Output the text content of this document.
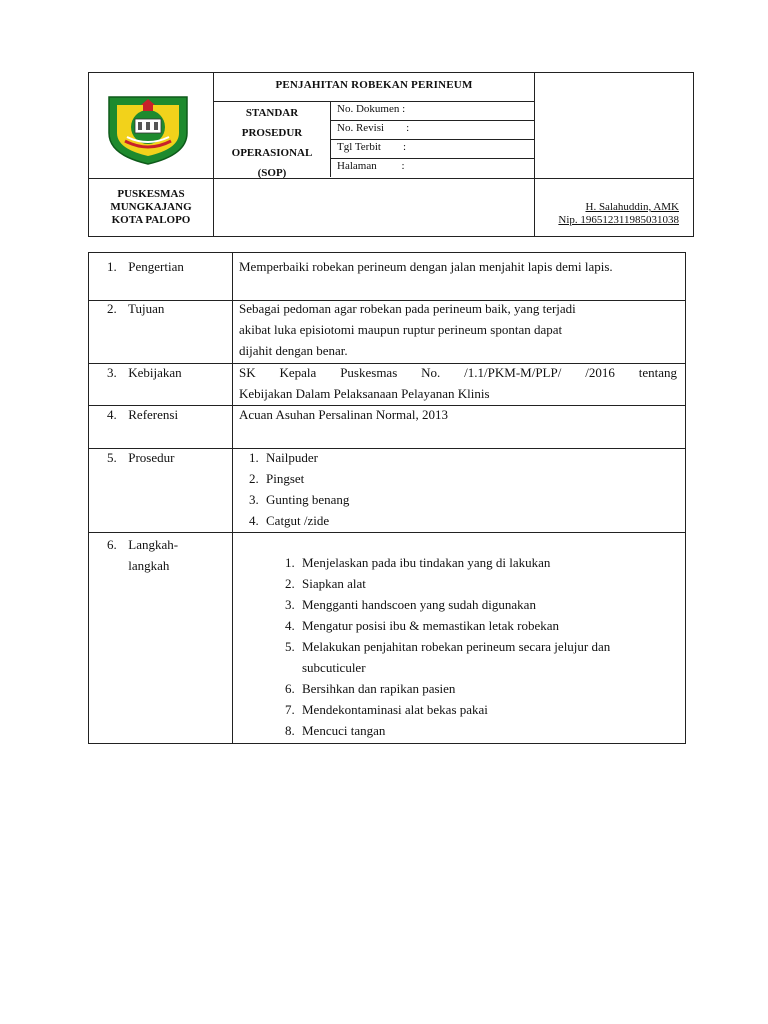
PENJAHITAN ROBEKAN PERINEUM
STANDAR
PROSEDUR
OPERASIONAL
(SOP)
No. Dokumen :
No. Revisi :
Tgl Terbit :
Halaman :
PUSKESMAS
MUNGKAJANG
KOTA PALOPO
H. Salahuddin, AMK
Nip. 196512311985031038
1. Pengertian	Memperbaiki robekan perineum dengan jalan menjahit lapis demi lapis.
2. Tujuan	Sebagai pedoman agar robekan pada perineum baik, yang terjadi
akibat luka episiotomi maupun ruptur perineum spontan dapat
dijahit dengan benar.
3. Kebijakan	SK Kepala Puskesmas No. /1.1/PKM-M/PLP/ /2016 tentang
Kebijakan Dalam Pelaksanaan Pelayanan Klinis
4. Referensi	Acuan Asuhan Persalinan Normal, 2013
5. Prosedur	1. Nailpuder
2. Pingset
3. Gunting benang
4. Catgut /zide
6. Langkah-
langkah	1. Menjelaskan pada ibu tindakan yang di lakukan
2. Siapkan alat
3. Mengganti handscoen yang sudah digunakan
4. Mengatur posisi ibu & memastikan letak robekan
5. Melakukan penjahitan robekan perineum secara jelujur dan
subcuticuler
6. Bersihkan dan rapikan pasien
7. Mendekontaminasi alat bekas pakai
8. Mencuci tangan
